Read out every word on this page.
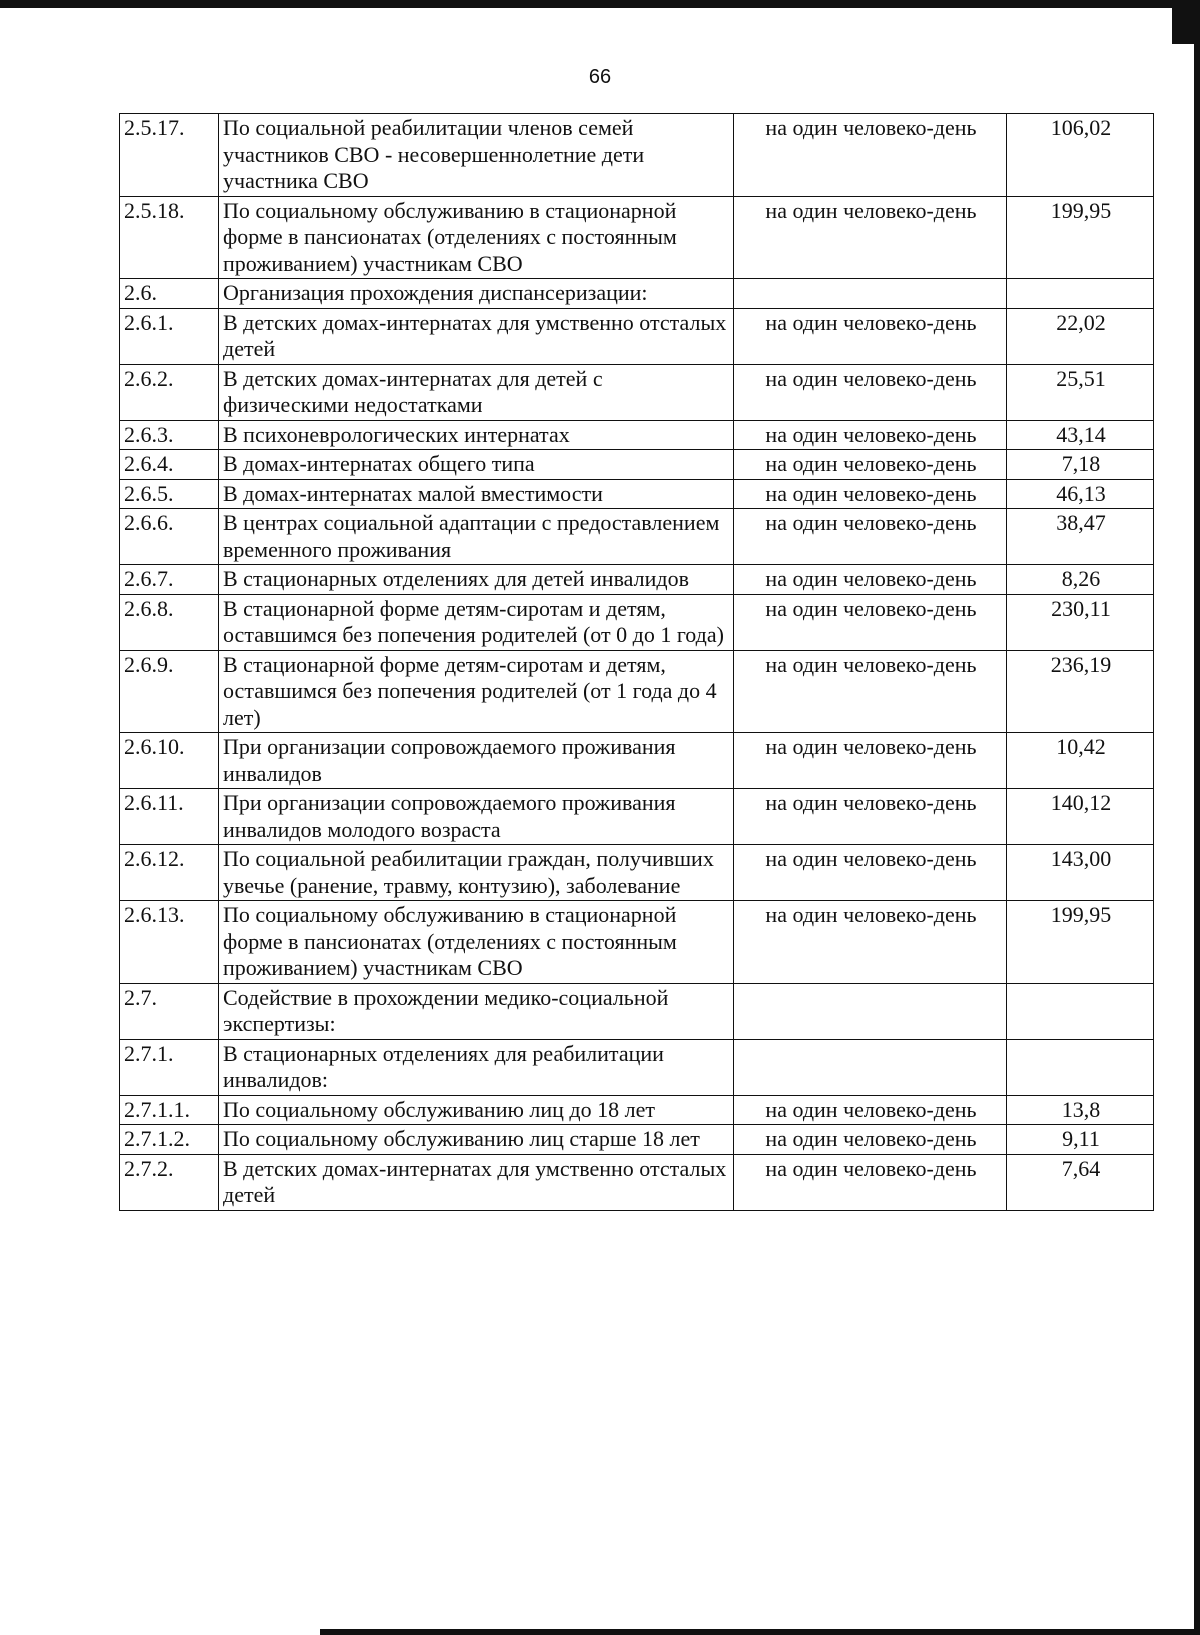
66
2.5.17.	По социальной реабилитации членов семей участников СВО - несовершеннолетние дети участника СВО	на один человеко-день	106,02
2.5.18.	По социальному обслуживанию в стационарной форме в пансионатах (отделениях с постоянным проживанием) участникам СВО	на один человеко-день	199,95
2.6.	Организация прохождения диспансеризации:		
2.6.1.	В детских домах-интернатах для умственно отсталых детей	на один человеко-день	22,02
2.6.2.	В детских домах-интернатах для детей с физическими недостатками	на один человеко-день	25,51
2.6.3.	В психоневрологических интернатах	на один человеко-день	43,14
2.6.4.	В домах-интернатах общего типа	на один человеко-день	7,18
2.6.5.	В домах-интернатах малой вместимости	на один человеко-день	46,13
2.6.6.	В центрах социальной адаптации с предоставлением временного проживания	на один человеко-день	38,47
2.6.7.	В стационарных отделениях для детей инвалидов	на один человеко-день	8,26
2.6.8.	В стационарной форме детям-сиротам и детям, оставшимся без попечения родителей (от 0 до 1 года)	на один человеко-день	230,11
2.6.9.	В стационарной форме детям-сиротам и детям, оставшимся без попечения родителей (от 1 года до 4 лет)	на один человеко-день	236,19
2.6.10.	При организации сопровождаемого проживания инвалидов	на один человеко-день	10,42
2.6.11.	При организации сопровождаемого проживания инвалидов молодого возраста	на один человеко-день	140,12
2.6.12.	По социальной реабилитации граждан, получивших увечье (ранение, травму, контузию), заболевание	на один человеко-день	143,00
2.6.13.	По социальному обслуживанию в стационарной форме в пансионатах (отделениях с постоянным проживанием) участникам СВО	на один человеко-день	199,95
2.7.	Содействие в прохождении медико-социальной экспертизы:		
2.7.1.	В стационарных отделениях для реабилитации инвалидов:		
2.7.1.1.	По социальному обслуживанию лиц до 18 лет	на один человеко-день	13,8
2.7.1.2.	По социальному обслуживанию лиц старше 18 лет	на один человеко-день	9,11
2.7.2.	В детских домах-интернатах для умственно отсталых детей	на один человеко-день	7,64
